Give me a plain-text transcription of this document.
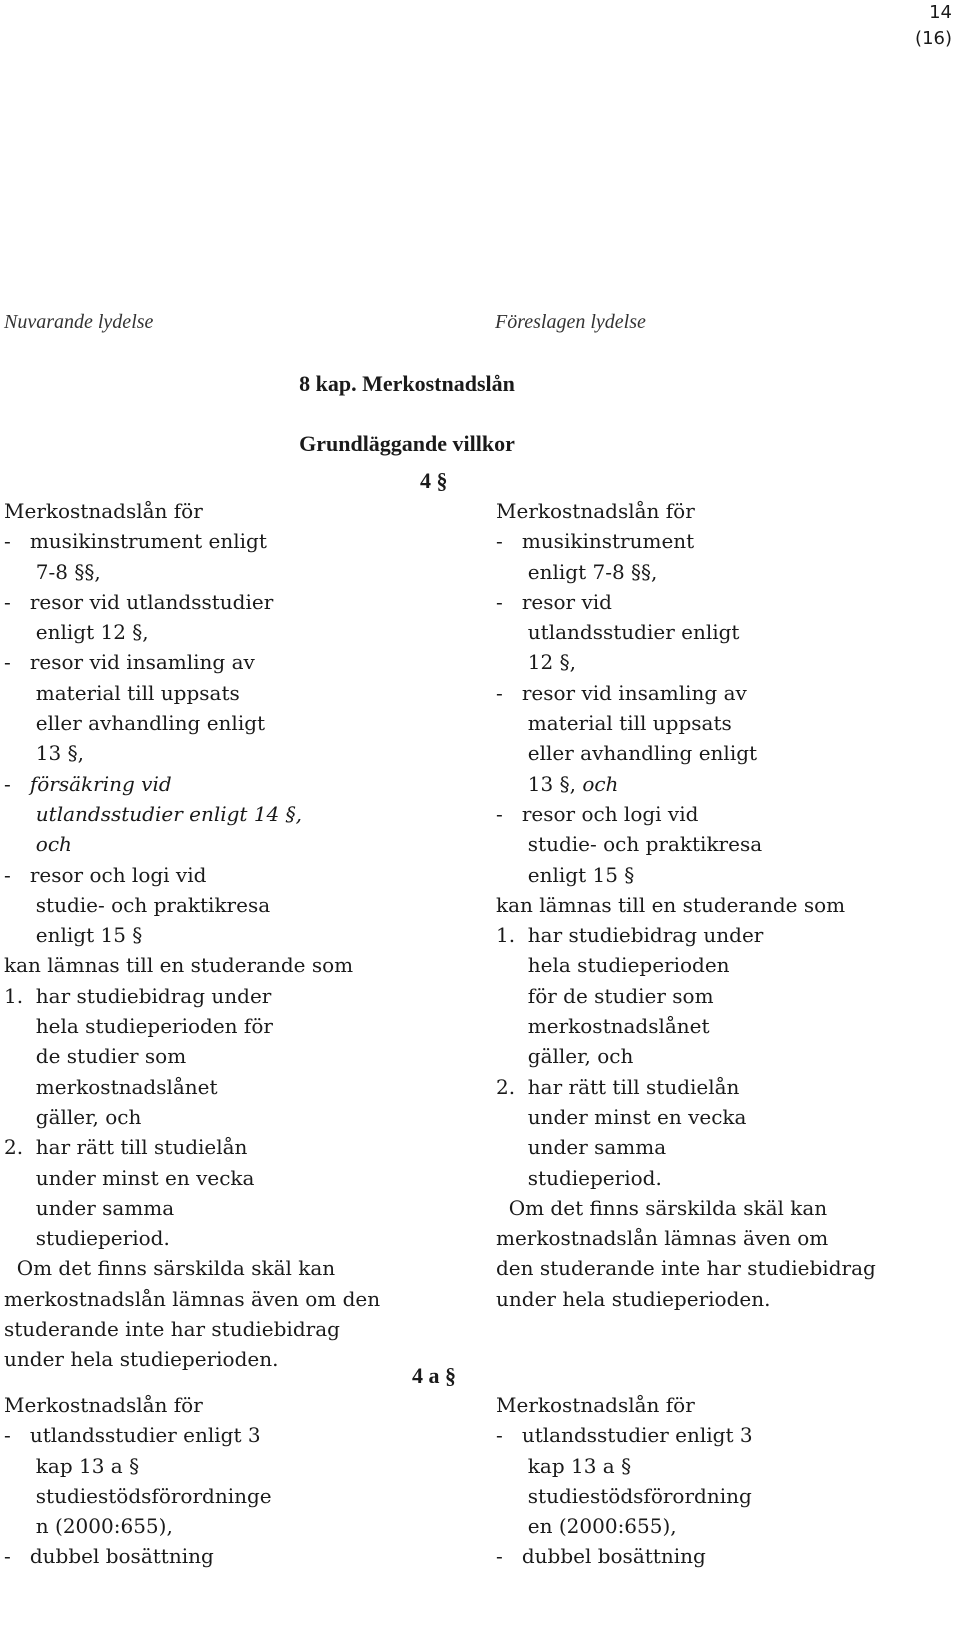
14
(16)
Nuvarande lydelse	Föreslagen lydelse
8 kap. Merkostnadslån
Grundläggande villkor
4 §
Merkostnadslån för
-   musikinstrument enligt
7-8 §§,
-   resor vid utlandsstudier
enligt 12 §,
-   resor vid insamling av
material till uppsats
eller avhandling enligt
13 §,
-   försäkring vid
utlandsstudier enligt 14 §,
och
-   resor och logi vid
studie- och praktikresa
enligt 15 §
kan lämnas till en studerande som
1.  har studiebidrag under
hela studieperioden för
de studier som
merkostnadslånet
gäller, och
2.  har rätt till studielån
under minst en vecka
under samma
studieperiod.
Om det finns särskilda skäl kan
merkostnadslån lämnas även om den
studerande inte har studiebidrag
under hela studieperioden.
Merkostnadslån för
-   musikinstrument
enligt 7-8 §§,
-   resor vid
utlandsstudier enligt
12 §,
-   resor vid insamling av
material till uppsats
eller avhandling enligt
13 §, och
-   resor och logi vid
studie- och praktikresa
enligt 15 §
kan lämnas till en studerande som
1.  har studiebidrag under
hela studieperioden
för de studier som
merkostnadslånet
gäller, och
2.  har rätt till studielån
under minst en vecka
under samma
studieperiod.
Om det finns särskilda skäl kan
merkostnadslån lämnas även om
den studerande inte har studiebidrag
under hela studieperioden.
4 a §
Merkostnadslån för
-   utlandsstudier enligt 3
kap 13 a §
studiestödsförordninge
n (2000:655),
-   dubbel bosättning
Merkostnadslån för
-   utlandsstudier enligt 3
kap 13 a §
studiestödsförordning
en (2000:655),
-   dubbel bosättning
